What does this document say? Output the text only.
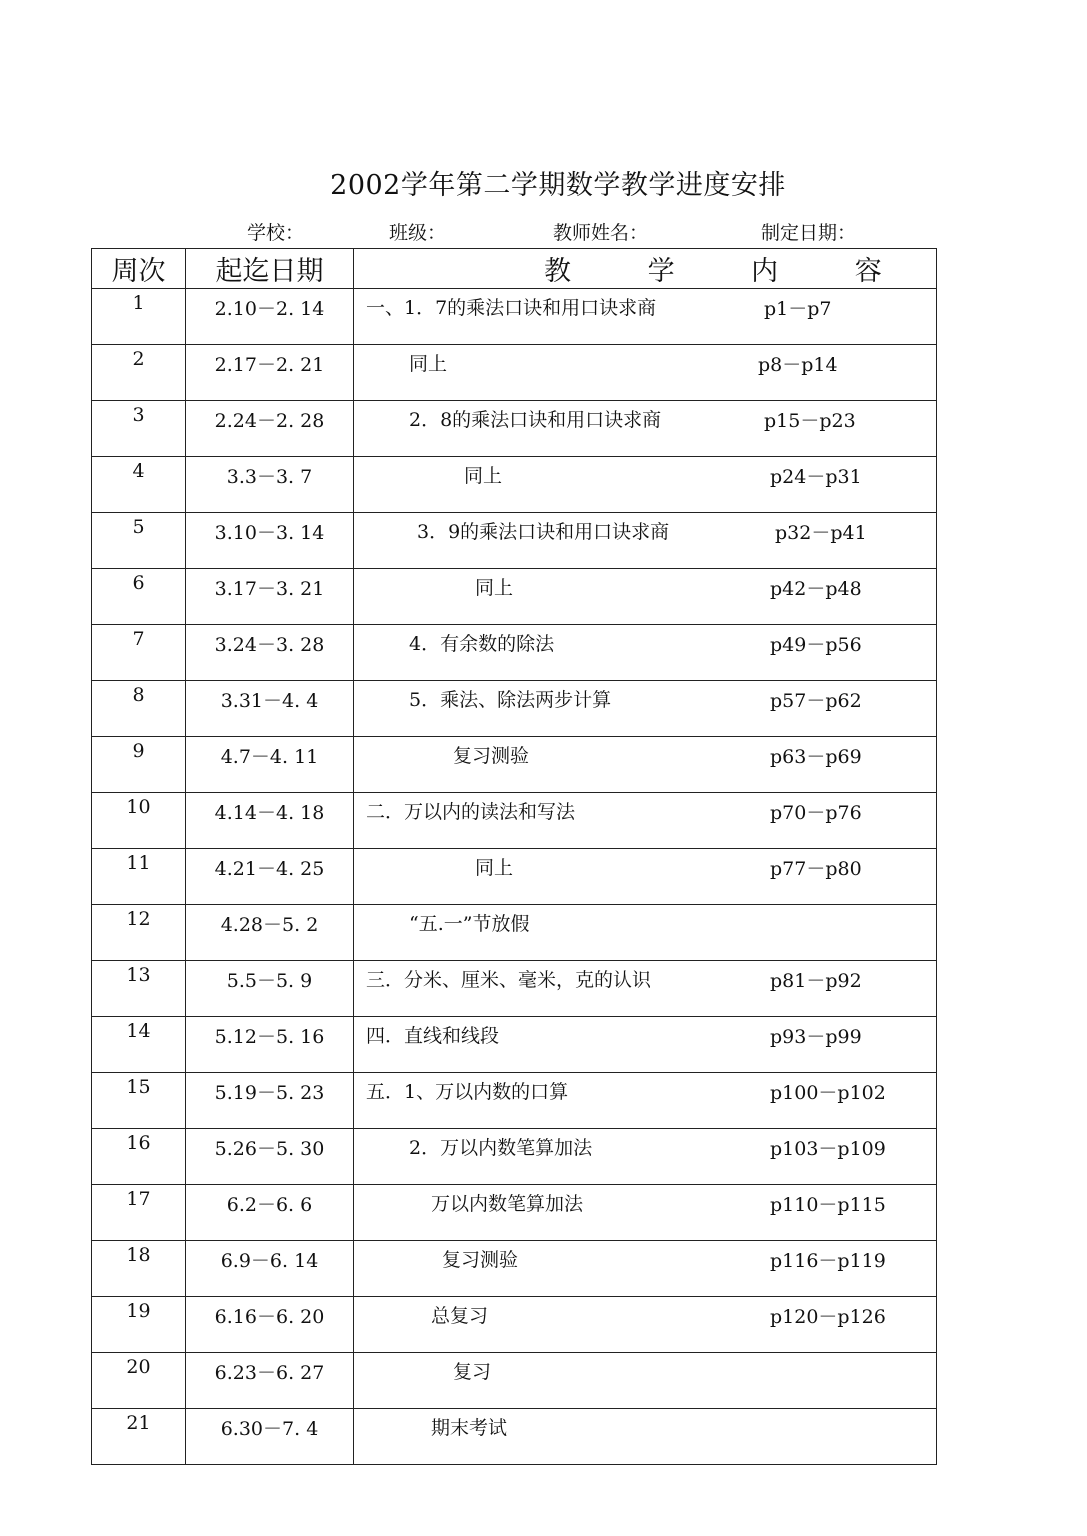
2002学年第二学期数学教学进度安排
学校：	班级：	教师姓名：	制定日期：
周次	起迄日期	教 学 内 容
1	2.10－2. 14	一、1．7的乘法口诀和用口诀求商 p1－p7

2	2.17－2. 21	同上 p8－p14

3	2.24－2. 28	2．8的乘法口诀和用口诀求商 p15－p23

4	3.3－3. 7	同上 p24－p31

5	3.10－3. 14	3．9的乘法口诀和用口诀求商 p32－p41

6	3.17－3. 21	同上 p42－p48

7	3.24－3. 28	4．有余数的除法 p49－p56

8	3.31－4. 4	5．乘法、除法两步计算 p57－p62

9	4.7－4. 11	复习测验 p63－p69

10	4.14－4. 18	二．万以内的读法和写法 p70－p76

11	4.21－4. 25	同上 p77－p80

12	4.28－5. 2	“五.一”节放假

13	5.5－5. 9	三．分米、厘米、毫米，克的认识 p81－p92

14	5.12－5. 16	四．直线和线段 p93－p99

15	5.19－5. 23	五．1、万以内数的口算 p100－p102

16	5.26－5. 30	2．万以内数笔算加法 p103－p109

17	6.2－6. 6	万以内数笔算加法 p110－p115

18	6.9－6. 14	复习测验 p116－p119

19	6.16－6. 20	总复习 p120－p126

20	6.23－6. 27	复习

21	6.30－7. 4	期末考试
